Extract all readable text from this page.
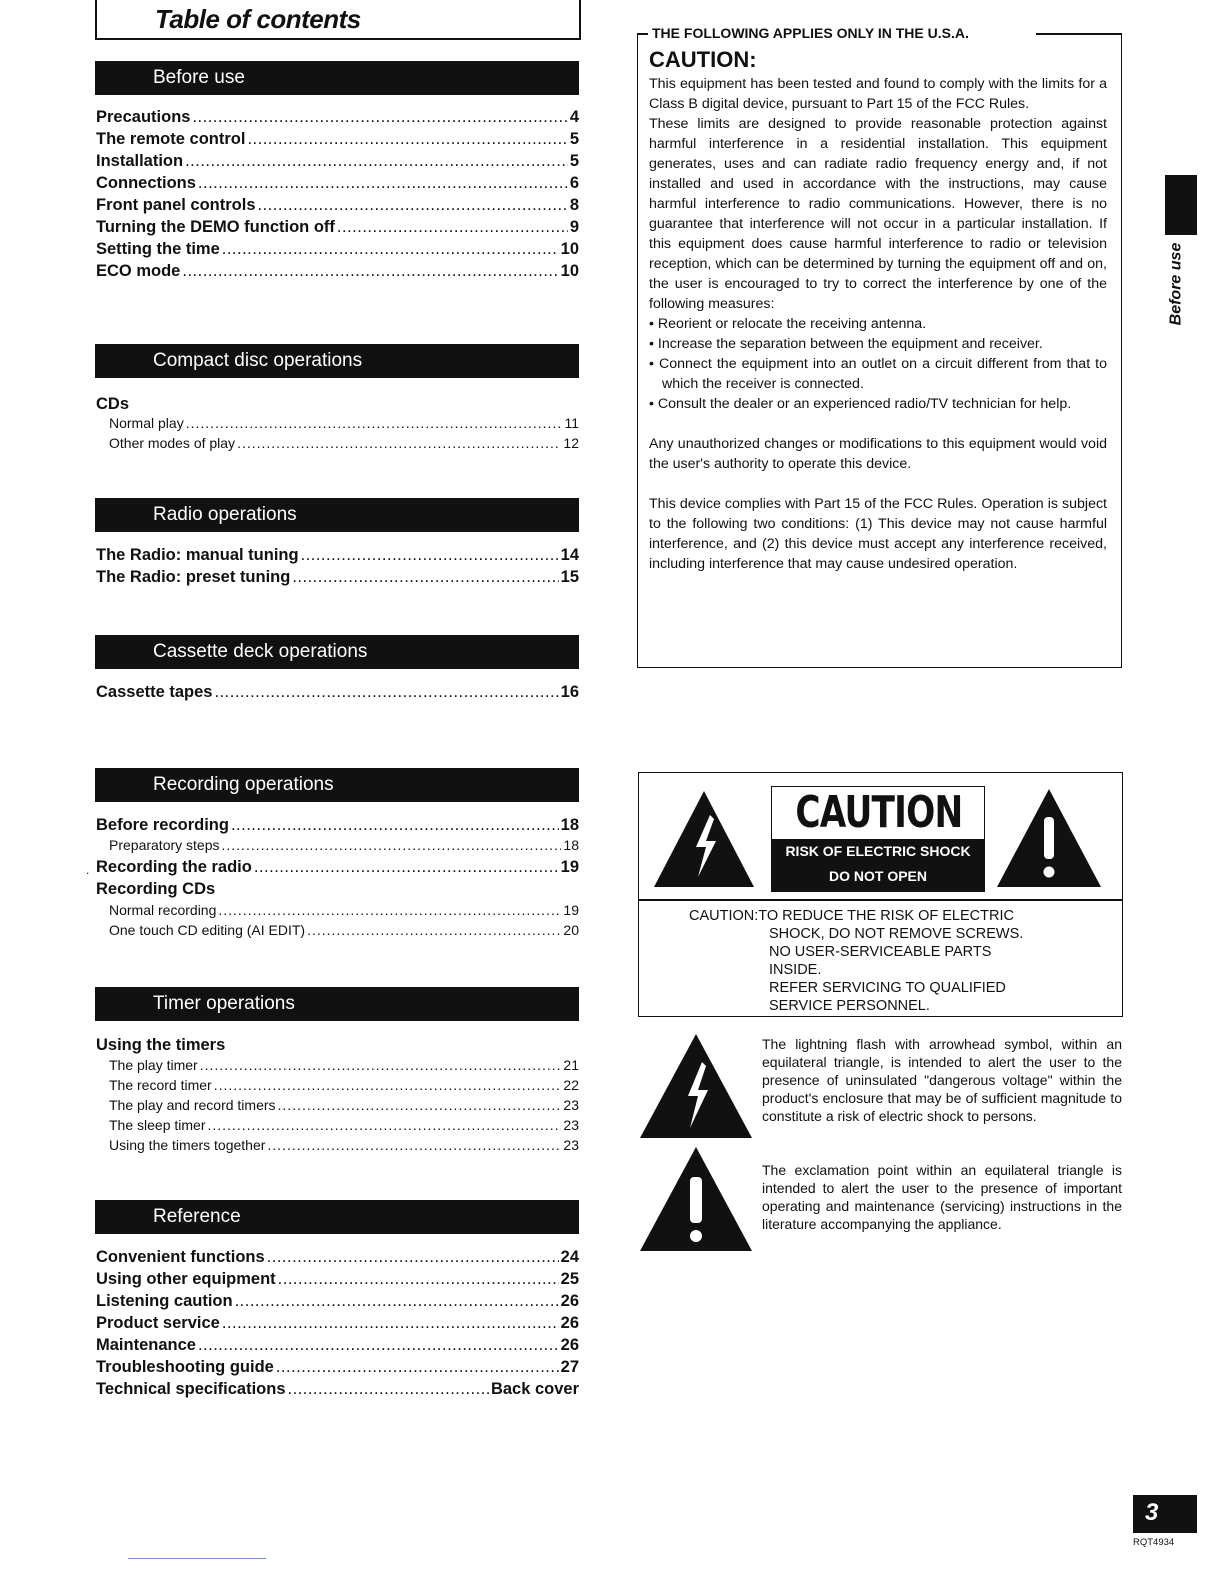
Table of contents
Before use
Precautions .....	4
The remote control .....	5
Installation .....	5
Connections .....	6
Front panel controls .....	8
Turning the DEMO function off .....	9
Setting the time .....	10
ECO mode .....	10
Compact disc operations
CDs
Normal play .....	11
Other modes of play .....	12
Radio operations
The Radio: manual tuning .....	14
The Radio: preset tuning .....	15
Cassette deck operations
Cassette tapes .....	16
Recording operations
Before recording .....	18
Preparatory steps .....	18
Recording the radio .....	19
Recording CDs
Normal recording .....	19
One touch CD editing (AI EDIT) .....	20
.
Timer operations
Using the timers
The play timer .....	21
The record timer .....	22
The play and record timers .....	23
The sleep timer .....	23
Using the timers together .....	23
Reference
Convenient functions .....	24
Using other equipment .....	25
Listening caution .....	26
Product service .....	26
Maintenance .....	26
Troubleshooting guide .....	27
Technical specifications .....	Back cover
THE FOLLOWING APPLIES ONLY IN THE U.S.A.
CAUTION:

This equipment has been tested and found to comply with the limits for a Class B digital device, pursuant to Part 15 of the FCC Rules.

These limits are designed to provide reasonable protection against harmful interference in a residential installation. This equipment generates, uses and can radiate radio frequency energy and, if not installed and used in accordance with the instructions, may cause harmful interference to radio communications. However, there is no guarantee that interference will not occur in a particular installation. If this equipment does cause harmful interference to radio or television reception, which can be determined by turning the equipment off and on, the user is encouraged to try to correct the interference by one of the following measures:

• Reorient or relocate the receiving antenna.

• Increase the separation between the equipment and receiver.

• Connect the equipment into an outlet on a circuit different from that to which the receiver is connected.

• Consult the dealer or an experienced radio/TV technician for help.

Any unauthorized changes or modifications to this equipment would void the user's authority to operate this device.

This device complies with Part 15 of the FCC Rules. Operation is subject to the following two conditions: (1) This device may not cause harmful interference, and (2) this device must accept any interference received, including interference that may cause undesired operation.

CAUTION
RISK OF ELECTRIC SHOCK
DO NOT OPEN
CAUTION:TO REDUCE THE RISK OF ELECTRIC
SHOCK, DO NOT REMOVE SCREWS.
NO USER-SERVICEABLE PARTS
INSIDE.
REFER SERVICING TO QUALIFIED
SERVICE PERSONNEL.
The lightning flash with arrowhead symbol, within an equilateral triangle, is intended to alert the user to the presence of uninsulated "dangerous voltage" within the product's enclosure that may be of sufficient magnitude to constitute a risk of electric shock to persons.
The exclamation point within an equilateral triangle is intended to alert the user to the presence of important operating and maintenance (servicing) instructions in the literature accompanying the appliance.
Before use
3
RQT4934
